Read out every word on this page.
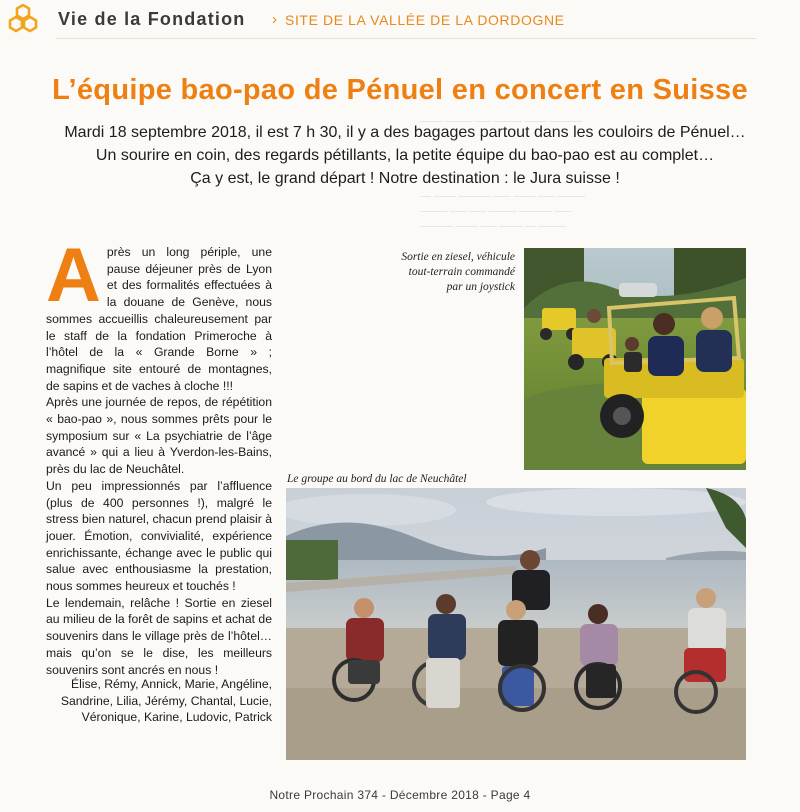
____ _____ ___ _____ ____ ______
__ ____ ______ ___ ____ ___ _____
_____ ___ ___ _____ ______ ___
______ ____ ___ ____ __ _____
Vie de la Fondation › SITE DE LA VALLÉE DE LA DORDOGNE
L’équipe bao-pao de Pénuel en concert en Suisse
Mardi 18 septembre 2018, il est 7 h 30, il y a des bagages partout dans les couloirs de Pénuel…
Un sourire en coin, des regards pétillants, la petite équipe du bao-pao est au complet…
Ça y est, le grand départ ! Notre destination : le Jura suisse !
A près un long périple, une pause déjeuner près de Lyon et des formalités effectuées à la douane de Genève, nous sommes accueillis chaleureusement par le staff de la fondation Primeroche à l’hôtel de la « Grande Borne » ; magnifique site entouré de montagnes, de sapins et de vaches à cloche !!!

Après une journée de repos, de répétition « bao-pao », nous sommes prêts pour le symposium sur « La psychiatrie de l’âge avancé » qui a lieu à Yverdon-les-Bains, près du lac de Neuchâtel.

Un peu impressionnés par l’affluence (plus de 400 personnes !), malgré le stress bien naturel, chacun prend plaisir à jouer. Émotion, convivialité, expérience enrichissante, échange avec le public qui salue avec enthousiasme la prestation, nous sommes heureux et touchés !

Le lendemain, relâche ! Sortie en ziesel au milieu de la forêt de sapins et achat de souvenirs dans le village près de l’hôtel… mais qu’on se le dise, les meilleurs souvenirs sont ancrés en nous !

Élise, Rémy, Annick, Marie, Angéline, Sandrine, Lilia, Jérémy, Chantal, Lucie, Véronique, Karine, Ludovic, Patrick
Sortie en ziesel, véhicule tout-terrain commandé par un joystick
Le groupe au bord du lac de Neuchâtel
Notre Prochain 374 - Décembre 2018 - Page 4
